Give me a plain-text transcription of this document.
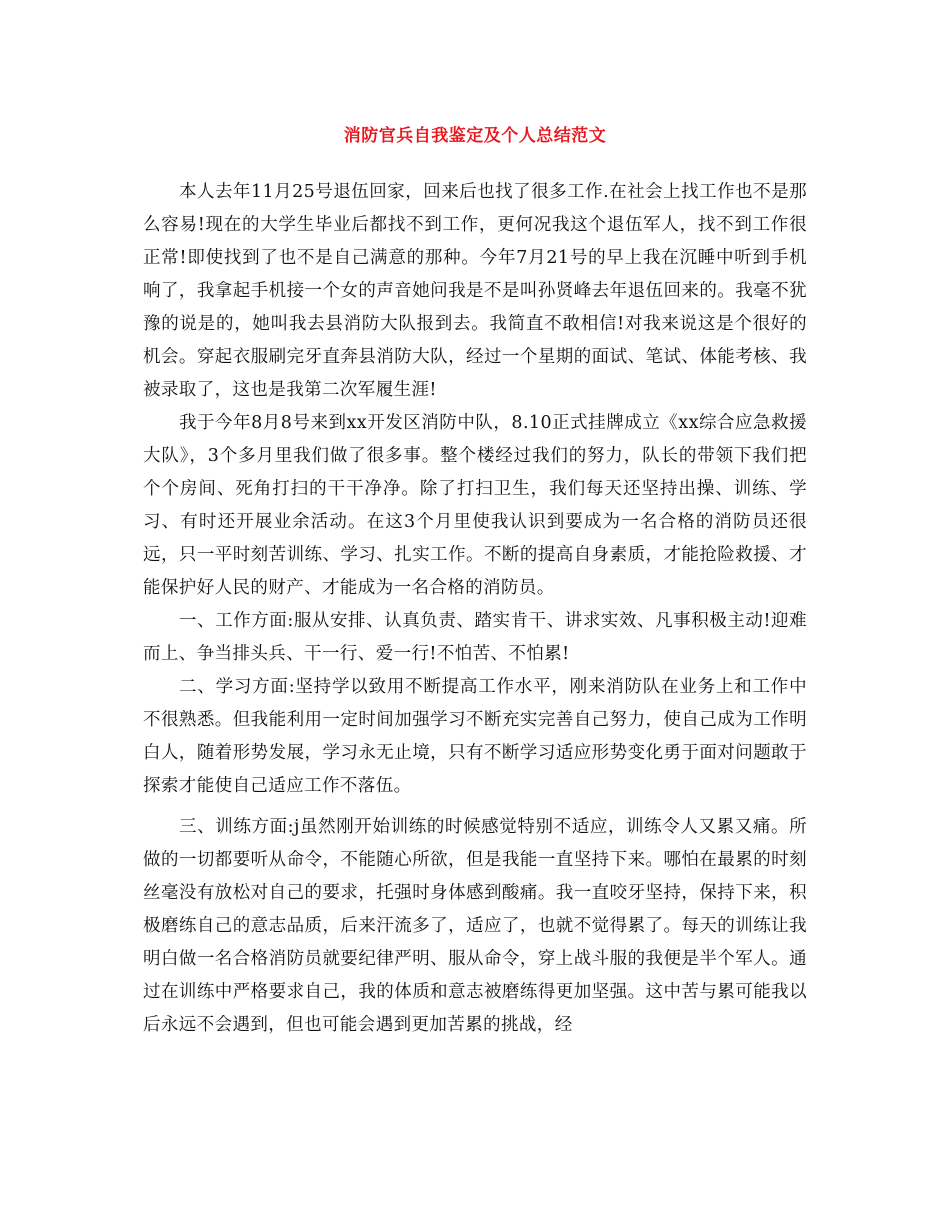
消防官兵自我鉴定及个人总结范文

本人去年11月25号退伍回家，回来后也找了很多工作.在社会上找工作也不是那么容易!现在的大学生毕业后都找不到工作，更何况我这个退伍军人，找不到工作很正常!即使找到了也不是自己满意的那种。今年7月21号的早上我在沉睡中听到手机响了，我拿起手机接一个女的声音她问我是不是叫孙贤峰去年退伍回来的。我毫不犹豫的说是的，她叫我去县消防大队报到去。我简直不敢相信!对我来说这是个很好的机会。穿起衣服刷完牙直奔县消防大队，经过一个星期的面试、笔试、体能考核、我被录取了，这也是我第二次军履生涯!

我于今年8月8号来到xx开发区消防中队，8.10正式挂牌成立《xx综合应急救援大队》，3个多月里我们做了很多事。整个楼经过我们的努力，队长的带领下我们把个个房间、死角打扫的干干净净。除了打扫卫生，我们每天还坚持出操、训练、学习、有时还开展业余活动。在这3个月里使我认识到要成为一名合格的消防员还很远，只一平时刻苦训练、学习、扎实工作。不断的提高自身素质，才能抢险救援、才能保护好人民的财产、才能成为一名合格的消防员。

一、工作方面:服从安排、认真负责、踏实肯干、讲求实效、凡事积极主动!迎难而上、争当排头兵、干一行、爱一行!不怕苦、不怕累!

二、学习方面:坚持学以致用不断提高工作水平，刚来消防队在业务上和工作中不很熟悉。但我能利用一定时间加强学习不断充实完善自己努力，使自己成为工作明白人，随着形势发展，学习永无止境，只有不断学习适应形势变化勇于面对问题敢于探索才能使自己适应工作不落伍。

三、训练方面:j虽然刚开始训练的时候感觉特别不适应，训练令人又累又痛。所做的一切都要听从命令，不能随心所欲，但是我能一直坚持下来。哪怕在最累的时刻丝毫没有放松对自己的要求，托强时身体感到酸痛。我一直咬牙坚持，保持下来，积极磨练自己的意志品质，后来汗流多了，适应了，也就不觉得累了。每天的训练让我明白做一名合格消防员就要纪律严明、服从命令，穿上战斗服的我便是半个军人。通过在训练中严格要求自己，我的体质和意志被磨练得更加坚强。这中苦与累可能我以后永远不会遇到，但也可能会遇到更加苦累的挑战，经
